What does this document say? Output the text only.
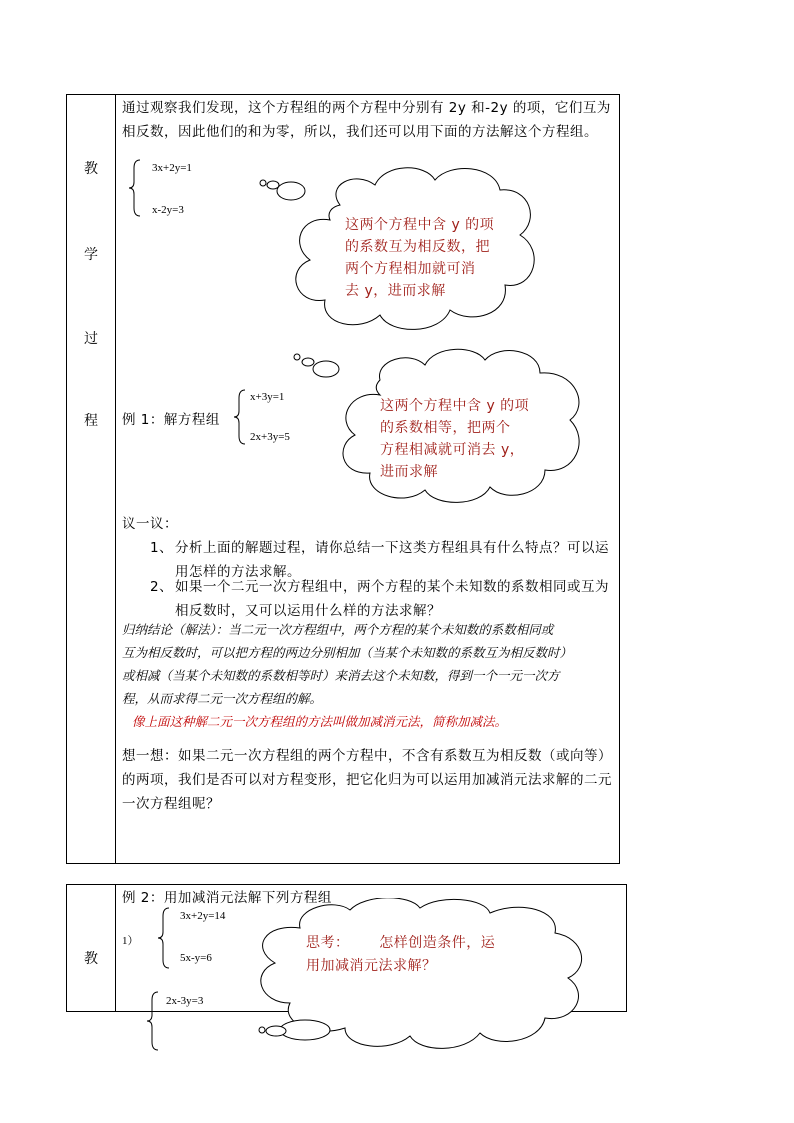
教
学
过
程
通过观察我们发现，这个方程组的两个方程中分别有 2y 和-2y 的项，它们互为相反数，因此他们的和为零，所以，我们还可以用下面的方法解这个方程组。
3x+2y=1
x-2y=3
这两个方程中含 y 的项
的系数互为相反数，把
两个方程相加就可消
去 y，进而求解
例 1：解方程组
x+3y=1
2x+3y=5
这两个方程中含 y 的项
的系数相等，把两个
方程相减就可消去 y，
进而求解
议一议：
1、 分析上面的解题过程，请你总结一下这类方程组具有什么特点？可以运
用怎样的方法求解。
2、 如果一个二元一次方程组中，两个方程的某个未知数的系数相同或互为
相反数时，又可以运用什么样的方法求解？
归纳结论（解法）：当二元一次方程组中，两个方程的某个未知数的系数相同或
互为相反数时，可以把方程的两边分别相加（当某个未知数的系数互为相反数时）
或相减（当某个未知数的系数相等时）来消去这个未知数，得到一个一元一次方
程，从而求得二元一次方程组的解。
像上面这种解二元一次方程组的方法叫做加减消元法，简称加减法。
想一想：如果二元一次方程组的两个方程中，不含有系数互为相反数（或向等）
的两项，我们是否可以对方程变形，把它化归为可以运用加减消元法求解的二元
一次方程组呢？
教
例 2：用加减消元法解下列方程组
1）
3x+2y=14
5x-y=6
思考：      怎样创造条件，运
用加减消元法求解？
2x-3y=3
